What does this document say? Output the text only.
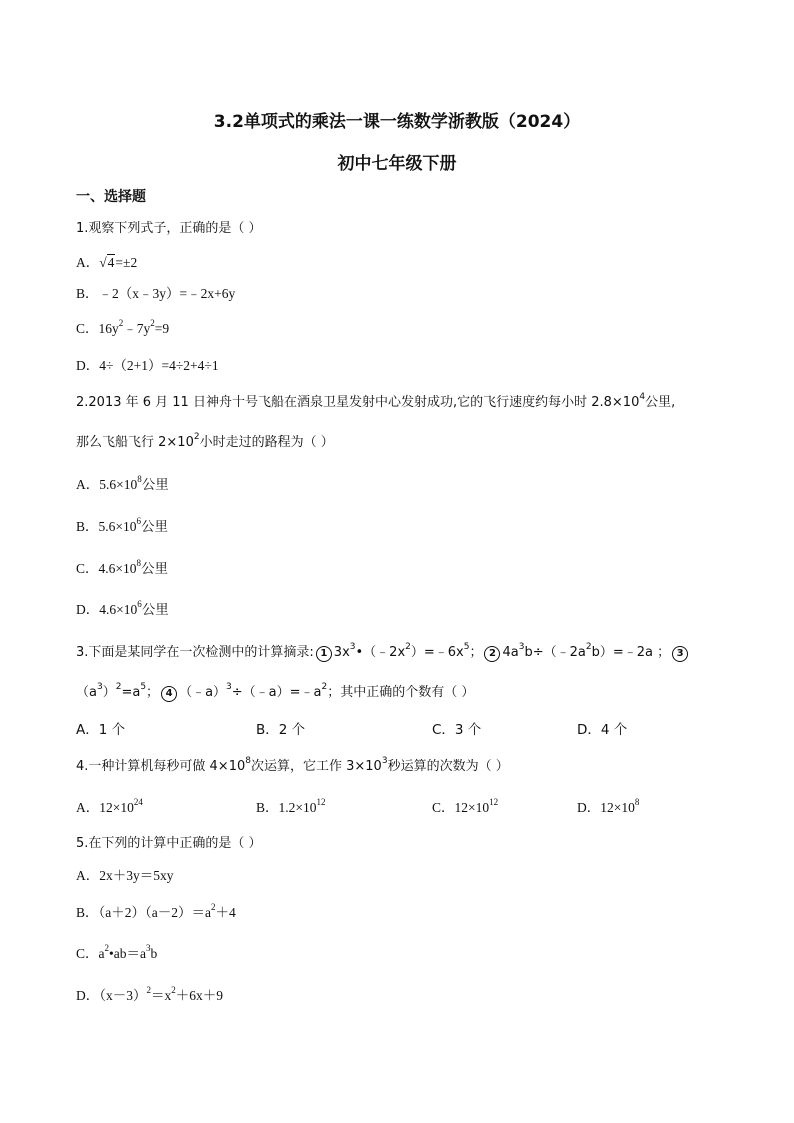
3.2单项式的乘法一课一练数学浙教版（2024）
初中七年级下册
一、选择题
1.观察下列式子，正确的是（ ）
A．√4=±2
B．﹣2（x﹣3y）=﹣2x+6y
C．$16y^2﹣7y^2=9$
D．4÷（2+1）=4÷2+4÷1
2.2013 年 6 月 11 日神舟十号飞船在酒泉卫星发射中心发射成功,它的飞行速度约每小时 $2.8\times 10^4$公里,
那么飞船飞行 $2\times 10^2$小时走过的路程为（ ）
A．$5.6\times 10^8$公里
B．$5.6\times 10^6$公里
C．$4.6\times 10^8$公里
D．$4.6\times 10^6$公里
3.下面是某同学在一次检测中的计算摘录: 1 $3x^3•(﹣2x^2)=﹣6x^5$； 2 $4a^3b\div(﹣2a^2b)=﹣2a$ ； 3
$(a^3)^2=a^5$； 4 $(﹣a)^3\div(﹣a)=﹣a^2$；其中正确的个数有（ ）
A．1 个	B．2 个	C．3 个	D．4 个
4.一种计算机每秒可做 $4\times 10^8$次运算，它工作 $3\times 10^3$秒运算的次数为（ ）
A．$12\times 10^{24}$	B．$1.2\times 10^{12}$	C．$12\times 10^{12}$	D．$12\times 10^8$
5.在下列的计算中正确的是（ ）
A．2x＋3y＝5xy
B．$(a+2)(a-2)=a^2+4$
C．$a^2•ab=a^3b$
D．$(x-3)^2=x^2+6x+9$
